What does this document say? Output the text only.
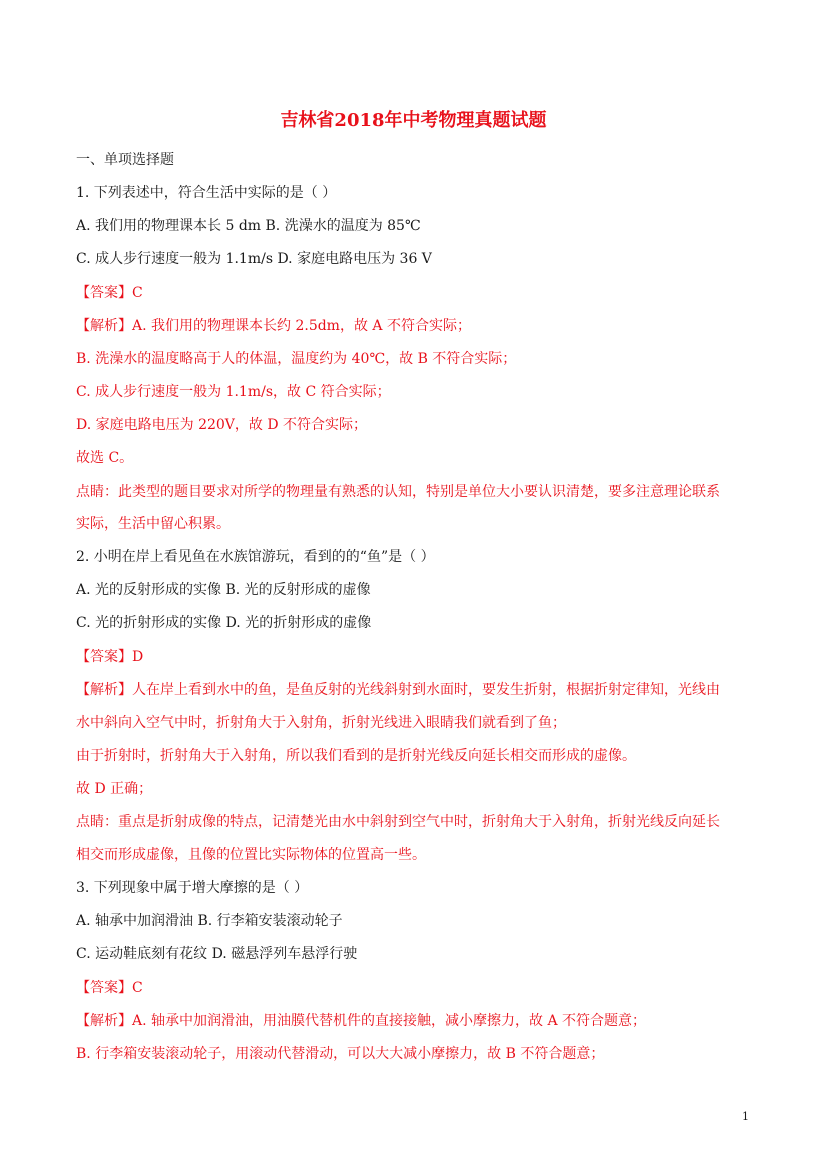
吉林省2018年中考物理真题试题
一、单项选择题
1. 下列表述中，符合生活中实际的是（ ）
A. 我们用的物理课本长 5 dm B. 洗澡水的温度为 85℃
C. 成人步行速度一般为 1.1m/s D. 家庭电路电压为 36 V
【答案】C
【解析】A. 我们用的物理课本长约 2.5dm，故 A 不符合实际；
B. 洗澡水的温度略高于人的体温，温度约为 40℃，故 B 不符合实际；
C. 成人步行速度一般为 1.1m/s，故 C 符合实际；
D. 家庭电路电压为 220V，故 D 不符合实际；
故选 C。
点睛：此类型的题目要求对所学的物理量有熟悉的认知，特别是单位大小要认识清楚，要多注意理论联系
实际，生活中留心积累。
2. 小明在岸上看见鱼在水族馆游玩，看到的的“鱼”是（ ）
A. 光的反射形成的实像 B. 光的反射形成的虚像
C. 光的折射形成的实像 D. 光的折射形成的虚像
【答案】D
【解析】人在岸上看到水中的鱼，是鱼反射的光线斜射到水面时，要发生折射，根据折射定律知，光线由
水中斜向入空气中时，折射角大于入射角，折射光线进入眼睛我们就看到了鱼；
由于折射时，折射角大于入射角，所以我们看到的是折射光线反向延长相交而形成的虚像。
故 D 正确；
点睛：重点是折射成像的特点，记清楚光由水中斜射到空气中时，折射角大于入射角，折射光线反向延长
相交而形成虚像，且像的位置比实际物体的位置高一些。
3. 下列现象中属于增大摩擦的是（ ）
A. 轴承中加润滑油 B. 行李箱安装滚动轮子
C. 运动鞋底刻有花纹 D. 磁悬浮列车悬浮行驶
【答案】C
【解析】A. 轴承中加润滑油，用油膜代替机件的直接接触，减小摩擦力，故 A 不符合题意；
B. 行李箱安装滚动轮子，用滚动代替滑动，可以大大减小摩擦力，故 B 不符合题意；
1
